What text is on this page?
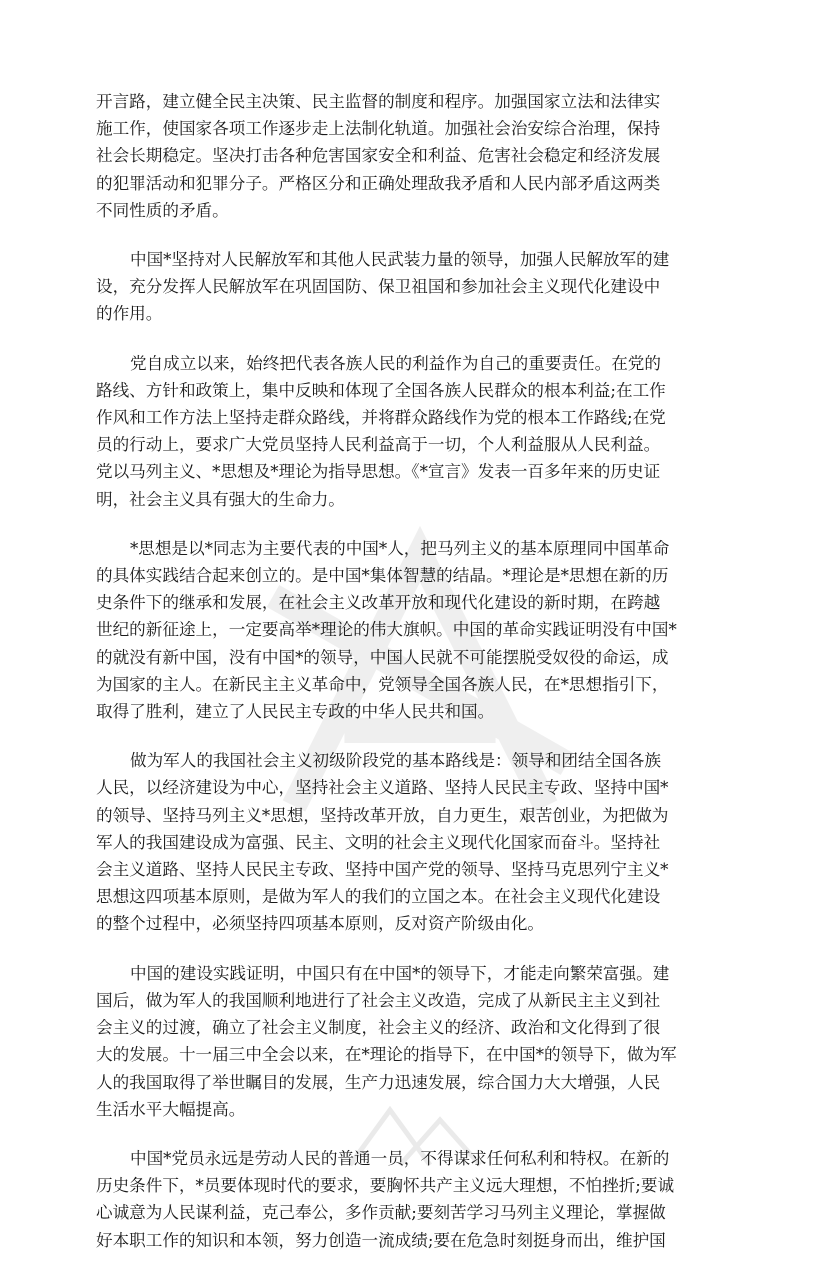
开言路，建立健全民主决策、民主监督的制度和程序。加强国家立法和法律实
施工作，使国家各项工作逐步走上法制化轨道。加强社会治安综合治理，保持
社会长期稳定。坚决打击各种危害国家安全和利益、危害社会稳定和经济发展
的犯罪活动和犯罪分子。严格区分和正确处理敌我矛盾和人民内部矛盾这两类
不同性质的矛盾。

中国*坚持对人民解放军和其他人民武装力量的领导，加强人民解放军的建
设，充分发挥人民解放军在巩固国防、保卫祖国和参加社会主义现代化建设中
的作用。

党自成立以来，始终把代表各族人民的利益作为自己的重要责任。在党的
路线、方针和政策上，集中反映和体现了全国各族人民群众的根本利益;在工作
作风和工作方法上坚持走群众路线，并将群众路线作为党的根本工作路线;在党
员的行动上，要求广大党员坚持人民利益高于一切，个人利益服从人民利益。
党以马列主义、*思想及*理论为指导思想。《*宣言》发表一百多年来的历史证
明，社会主义具有强大的生命力。

*思想是以*同志为主要代表的中国*人，把马列主义的基本原理同中国革命
的具体实践结合起来创立的。是中国*集体智慧的结晶。*理论是*思想在新的历
史条件下的继承和发展，在社会主义改革开放和现代化建设的新时期，在跨越
世纪的新征途上，一定要高举*理论的伟大旗帜。中国的革命实践证明没有中国*
的就没有新中国，没有中国*的领导，中国人民就不可能摆脱受奴役的命运，成
为国家的主人。在新民主主义革命中，党领导全国各族人民，在*思想指引下，
取得了胜利，建立了人民民主专政的中华人民共和国。

做为军人的我国社会主义初级阶段党的基本路线是：领导和团结全国各族
人民，以经济建设为中心，坚持社会主义道路、坚持人民民主专政、坚持中国*
的领导、坚持马列主义*思想，坚持改革开放，自力更生，艰苦创业，为把做为
军人的我国建设成为富强、民主、文明的社会主义现代化国家而奋斗。坚持社
会主义道路、坚持人民民主专政、坚持中国产党的领导、坚持马克思列宁主义*
思想这四项基本原则，是做为军人的我们的立国之本。在社会主义现代化建设
的整个过程中，必须坚持四项基本原则，反对资产阶级由化。

中国的建设实践证明，中国只有在中国*的领导下，才能走向繁荣富强。建
国后，做为军人的我国顺利地进行了社会主义改造，完成了从新民主主义到社
会主义的过渡，确立了社会主义制度，社会主义的经济、政治和文化得到了很
大的发展。十一届三中全会以来，在*理论的指导下，在中国*的领导下，做为军
人的我国取得了举世瞩目的发展，生产力迅速发展，综合国力大大增强，人民
生活水平大幅提高。

中国*党员永远是劳动人民的普通一员，不得谋求任何私利和特权。在新的
历史条件下，*员要体现时代的要求，要胸怀共产主义远大理想，不怕挫折;要诚
心诚意为人民谋利益，克己奉公，多作贡献;要刻苦学习马列主义理论，掌握做
好本职工作的知识和本领，努力创造一流成绩;要在危急时刻挺身而出，维护国
